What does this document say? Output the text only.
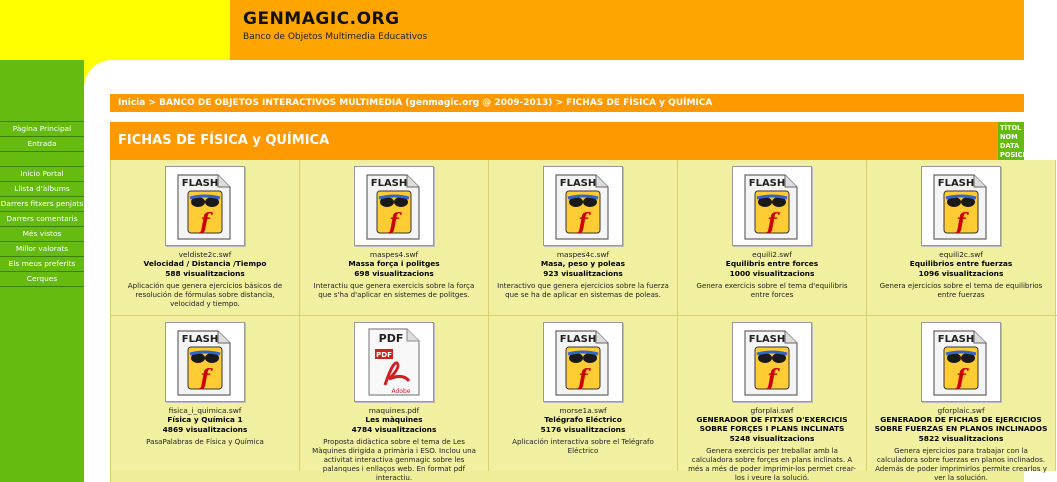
GENMAGIC.ORG
Banco de Objetos Multimedia Educativos
Pàgina Principal
Entrada
Inicio Portal
Llista d'àlbums
Darrers fitxers penjats
Darrers comentaris
Més vistos
Millor valorats
Els meus preferits
Cerques
Inicia > BANCO DE OBJETOS INTERACTIVOS MULTIMEDIA (genmagic.org @ 2009-2013) > FICHAS DE FÍSICA y QUÍMICA
FICHAS DE FÍSICA y QUÍMICA
TÍTOL
NOM
DATA
POSICIÓ
FLASH
f
veldiste2c.swf
Velocidad / Distancia /Tiempo
588 visualitzacions
Aplicación que genera ejercicios básicos de resolución de fórmulas sobre distancia, velocidad y tiempo.
FLASH
f
maspes4.swf
Massa força i politges
698 visualitzacions
Interactiu que genera exercicis sobre la força que s'ha d'aplicar en sistemes de politges.
FLASH
f
maspes4c.swf
Masa, peso y poleas
923 visualitzacions
Interactivo que genera ejercicios sobre la fuerza que se ha de aplicar en sistemas de poleas.
FLASH
f
equili2.swf
Equilibris entre forces
1000 visualitzacions
Genera exercicis sobre el tema d'equilibris entre forces
FLASH
f
equili2c.swf
Equilibrios entre fuerzas
1096 visualitzacions
Genera ejercicios sobre el tema de equilibrios entre fuerzas
FLASH
f
fisica_i_quimica.swf
Física y Química 1
4869 visualitzacions
PasaPalabras de Física y Química
PDF
PDF
Adobe
maquines.pdf
Les màquines
4784 visualitzacions
Proposta didàctica sobre el tema de Les Màquines dirigida a primària i ESO. Inclou una activitat interactiva genmagic sobre les palanques i enllaços web. En format pdf interactiu.
FLASH
f
morse1a.swf
Telégrafo Eléctrico
5176 visualitzacions
Aplicación interactiva sobre el Telégrafo Eléctrico
FLASH
f
gforplai.swf
GENERADOR DE FITXES D'EXERCICIS SOBRE FORÇES I PLANS INCLINATS
5248 visualitzacions
Genera exercicis per treballar amb la calculadora sobre forçes en plans inclinats. A més a més de poder imprimir-los permet crear-los i veure la solució.
FLASH
f
gforplaic.swf
GENERADOR DE FICHAS DE EJERCICIOS SOBRE FUERZAS EN PLANOS INCLINADOS
5822 visualitzacions
Genera ejercicios para trabajar con la calculadora sobre fuerzas en planos inclinados. Además de poder imprimirlos permite crearlos y ver la solución.
